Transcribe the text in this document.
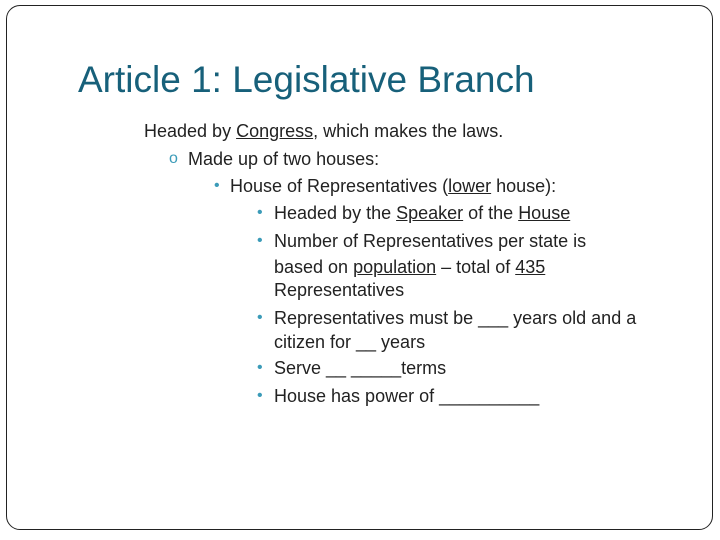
Article 1: Legislative Branch
Headed by Congress, which makes the laws.
o Made up of two houses:
• House of Representatives (lower house):
• Headed by the Speaker of the House
• Number of Representatives per state is
based on population – total of 435
Representatives
• Representatives must be ___ years old and a
citizen for __ years
• Serve __ _____terms
• House has power of __________
